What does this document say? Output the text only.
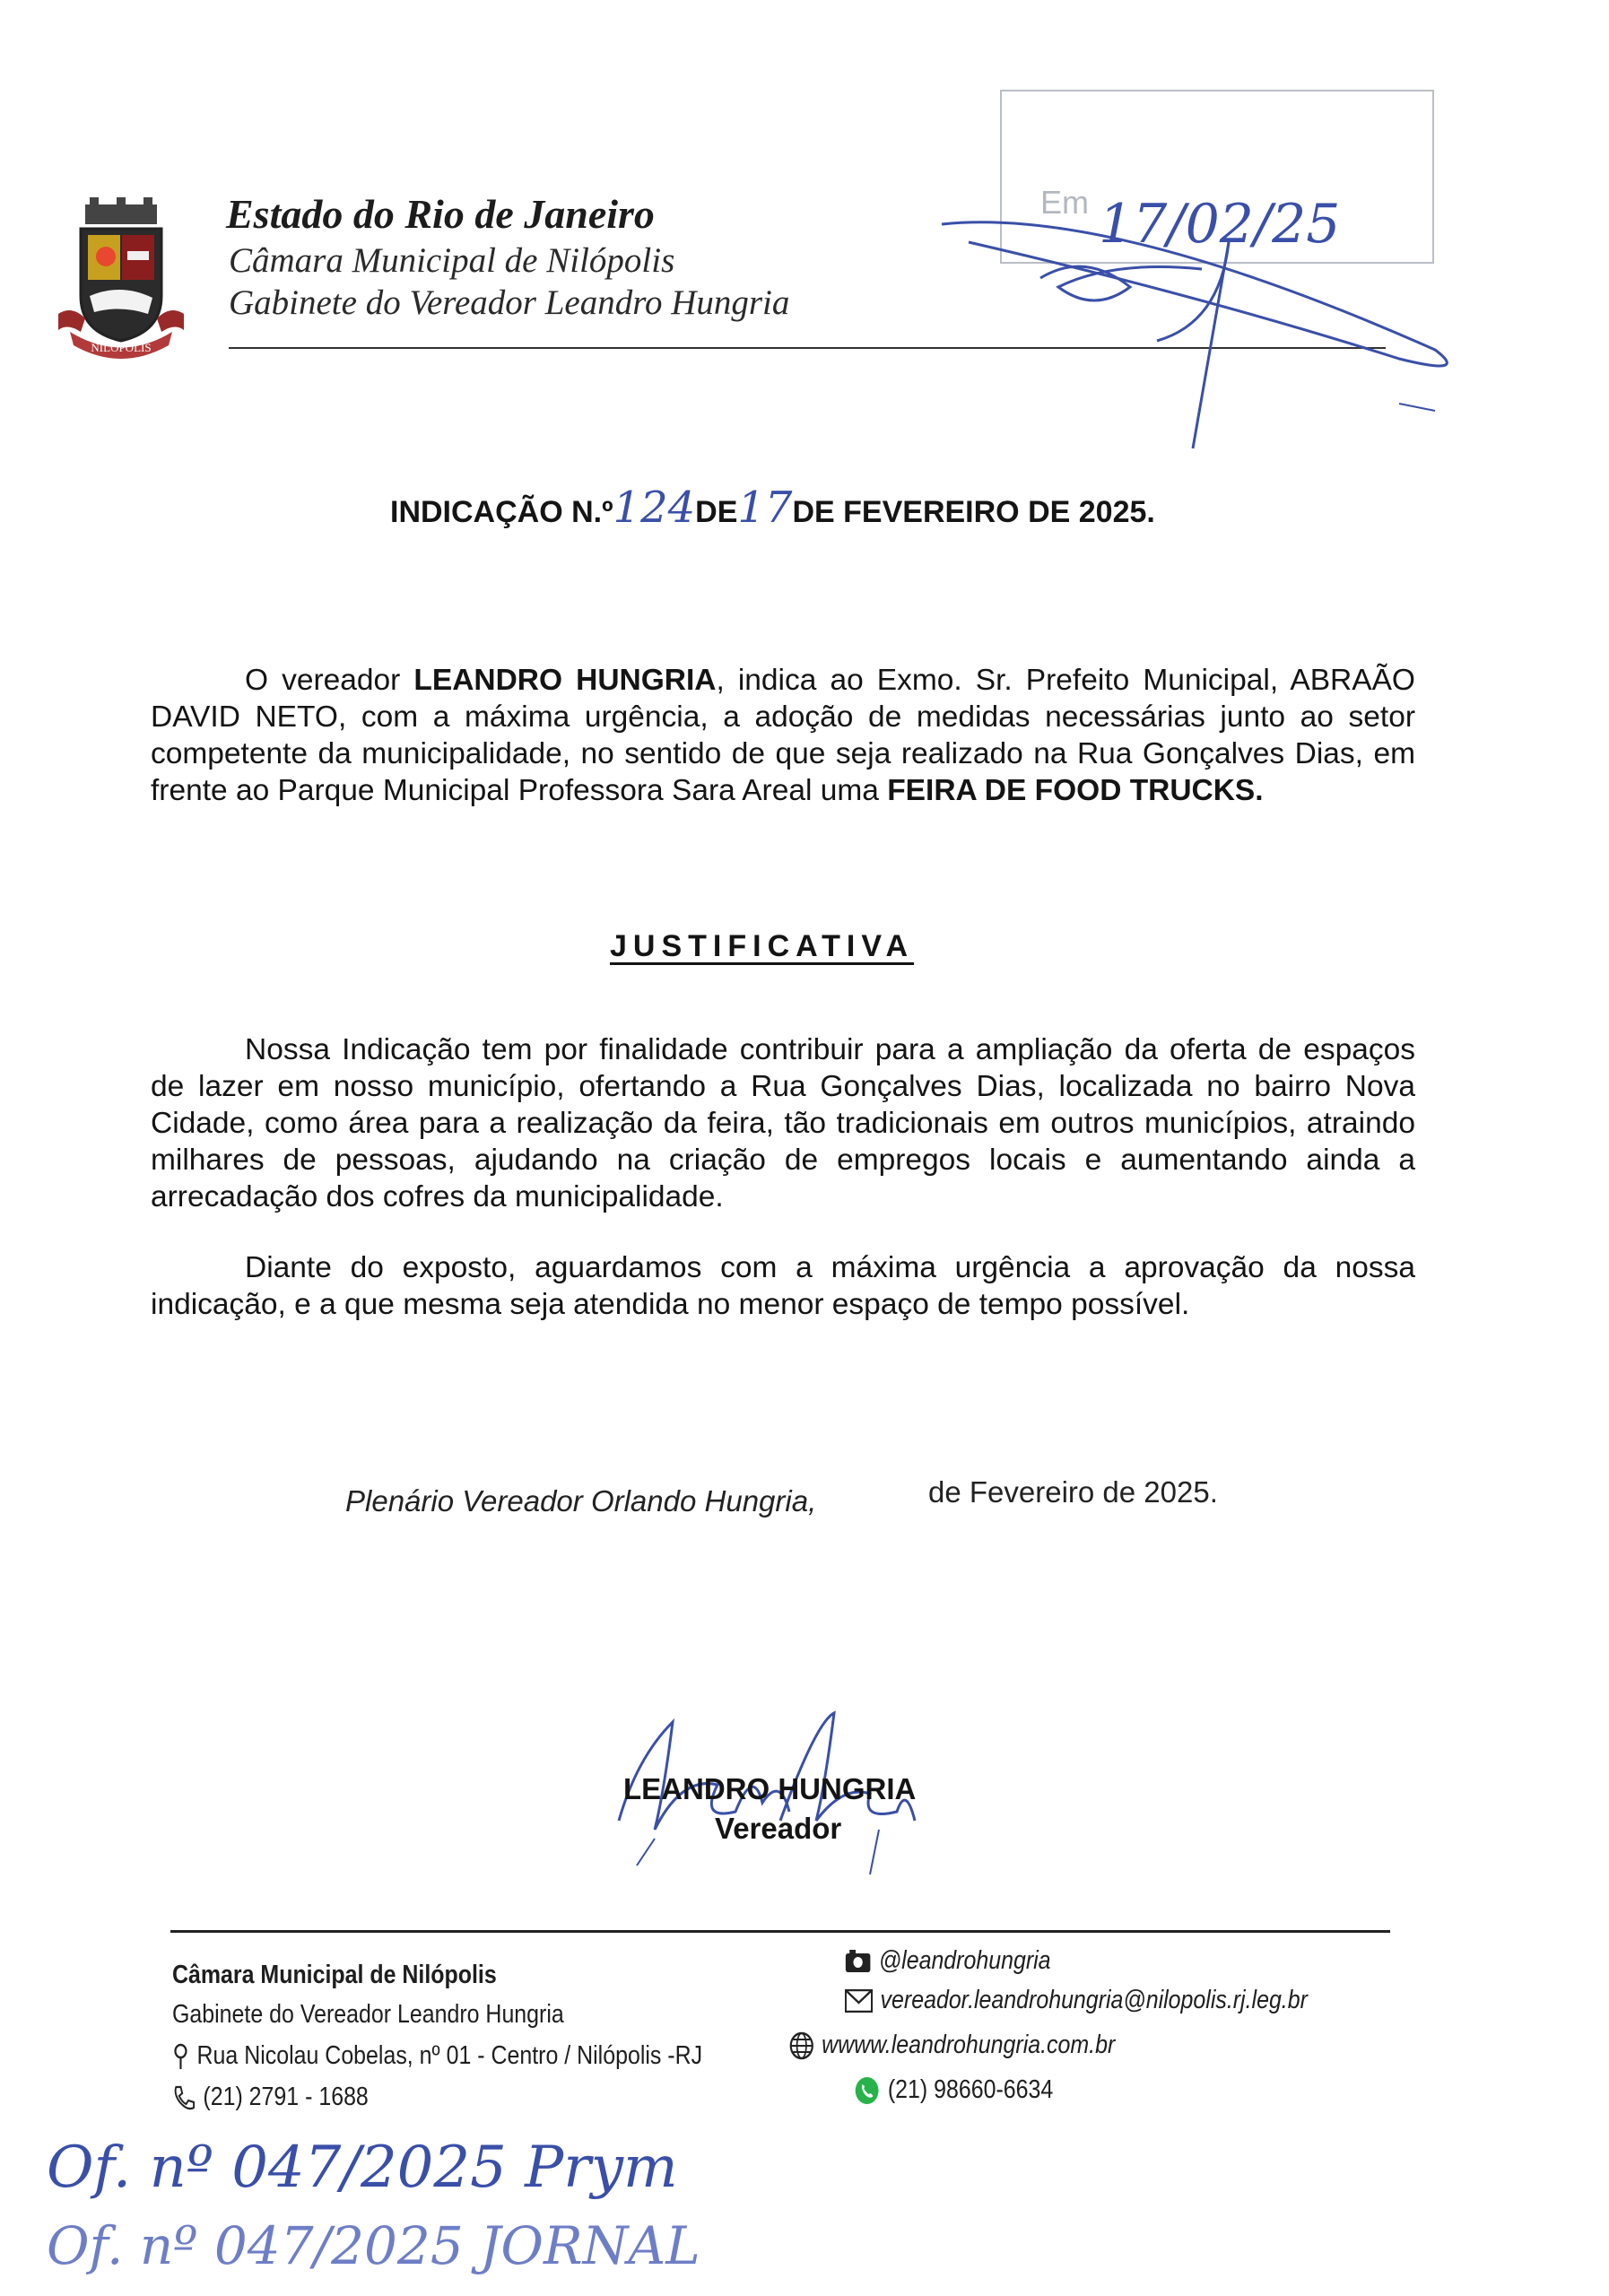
NILÓPOLIS
Estado do Rio de Janeiro
Câmara Municipal de Nilópolis
Gabinete do Vereador Leandro Hungria
Em 17/02/25
INDICAÇÃO N.º124DE17DE FEVEREIRO DE 2025.

O vereador LEANDRO HUNGRIA, indica ao Exmo. Sr. Prefeito Municipal, ABRAÃO DAVID NETO, com a máxima urgência, a adoção de medidas necessárias junto ao setor competente da municipalidade, no sentido de que seja realizado na Rua Gonçalves Dias, em frente ao Parque Municipal Professora Sara Areal uma FEIRA DE FOOD TRUCKS.

JUSTIFICATIVA

Nossa Indicação tem por finalidade contribuir para a ampliação da oferta de espaços de lazer em nosso município, ofertando a Rua Gonçalves Dias, localizada no bairro Nova Cidade, como área para a realização da feira, tão tradicionais em outros municípios, atraindo milhares de pessoas, ajudando na criação de empregos locais e aumentando ainda a arrecadação dos cofres da municipalidade.

Diante do exposto, aguardamos com a máxima urgência a aprovação da nossa indicação, e a que mesma seja atendida no menor espaço de tempo possível.

Plenário Vereador Orlando Hungria,	de Fevereiro de 2025.
LEANDRO HUNGRIA
Vereador
Câmara Municipal de Nilópolis
Gabinete do Vereador Leandro Hungria
Rua Nicolau Cobelas, nº 01 - Centro / Nilópolis -RJ
(21) 2791 - 1688
@leandrohungria
vereador.leandrohungria@nilopolis.rj.leg.br
wwww.leandrohungria.com.br
(21) 98660-6634
Of. nº 047/2025 Prym
Of. nº 047/2025 JORNAL
